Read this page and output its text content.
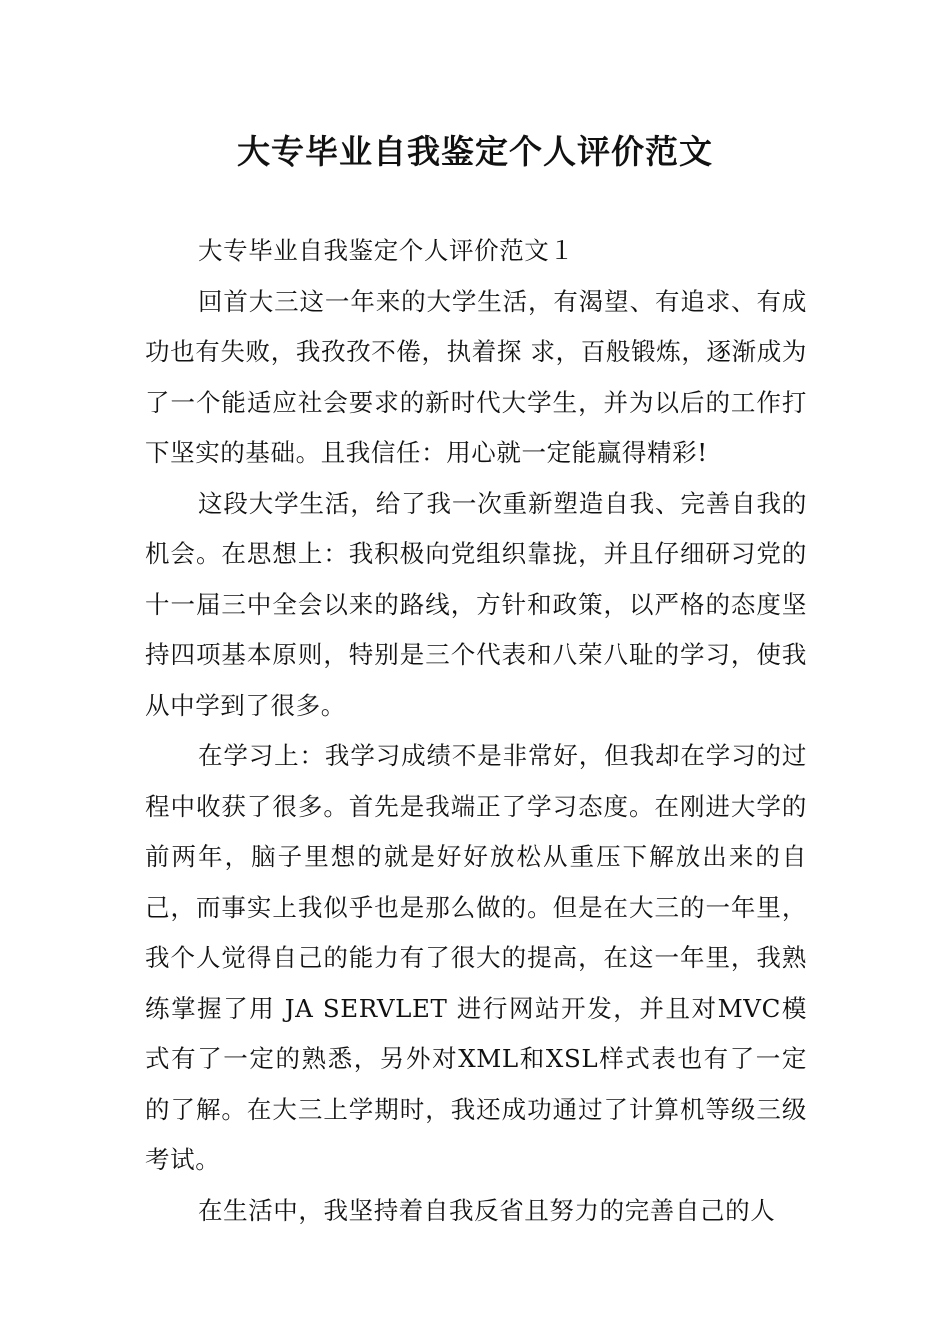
大专毕业自我鉴定个人评价范文

大专毕业自我鉴定个人评价范文１

回首大三这一年来的大学生活，有渴望、有追求、有成功也有失败，我孜孜不倦，执着探 求，百般锻炼，逐渐成为了一个能适应社会要求的新时代大学生，并为以后的工作打下坚实的基础。且我信任：用心就一定能赢得精彩!

这段大学生活，给了我一次重新塑造自我、完善自我的机会。在思想上：我积极向党组织靠拢，并且仔细研习党的十一届三中全会以来的路线，方针和政策，以严格的态度坚持四项基本原则，特别是三个代表和八荣八耻的学习，使我从中学到了很多。

在学习上：我学习成绩不是非常好，但我却在学习的过程中收获了很多。首先是我端正了学习态度。在刚进大学的前两年，脑子里想的就是好好放松从重压下解放出来的自己，而事实上我似乎也是那么做的。但是在大三的一年里，我个人觉得自己的能力有了很大的提高，在这一年里，我熟练掌握了用 JA SERVLET 进行网站开发，并且对MVC模式有了一定的熟悉，另外对XML和XSL样式表也有了一定的了解。在大三上学期时，我还成功通过了计算机等级三级考试。

在生活中，我坚持着自我反省且努力的完善自己的人
